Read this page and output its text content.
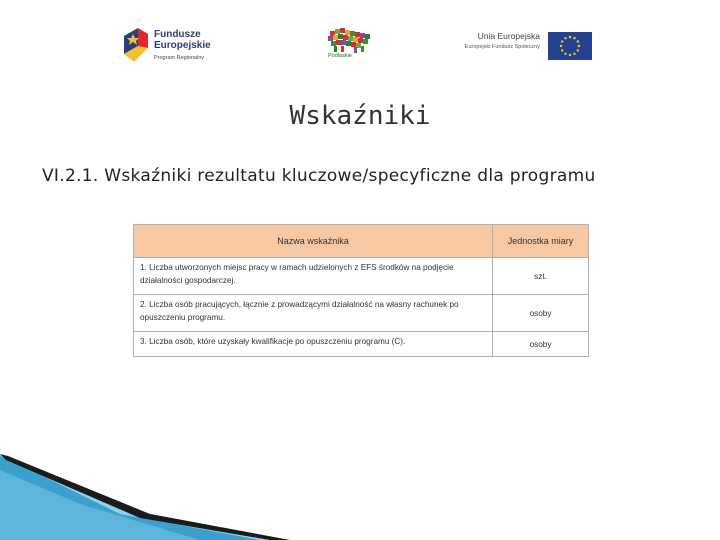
Fundusze
Europejskie
Program Regionalny	Podlaskie
Unia Europejska
Europejski Fundusz Społeczny
Wskaźniki
VI.2.1. Wskaźniki rezultatu kluczowe/specyficzne dla programu
Nazwa wskaźnika	Jednostka miary
1. Liczba utworzonych miejsc pracy w ramach udzielonych z EFS środków na podjęcie działalności gospodarczej.	szt.
2. Liczba osób pracujących, łącznie z prowadzącymi działalność na własny rachunek po opuszczeniu programu.	osoby
3. Liczba osób, które uzyskały kwalifikacje po opuszczeniu programu (C).	osoby
